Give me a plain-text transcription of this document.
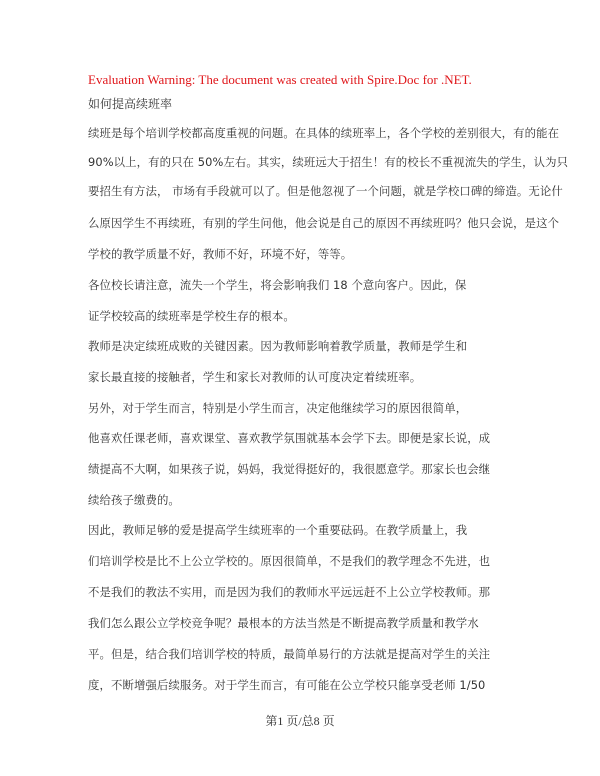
Evaluation Warning: The document was created with Spire.Doc for .NET.
如何提高续班率
续班是每个培训学校都高度重视的问题。在具体的续班率上，各个学校的差别很大，有的能在
90%以上，有的只在 50%左右。其实，续班远大于招生！有的校长不重视流失的学生，认为只
要招生有方法， 市场有手段就可以了。但是他忽视了一个问题，就是学校口碑的缔造。无论什
么原因学生不再续班，有别的学生问他，他会说是自己的原因不再续班吗？他只会说，是这个
学校的教学质量不好，教师不好，环境不好，等等。
各位校长请注意，流失一个学生，将会影响我们 18 个意向客户。因此，保
证学校较高的续班率是学校生存的根本。
教师是决定续班成败的关键因素。因为教师影响着教学质量，教师是学生和
家长最直接的接触者，学生和家长对教师的认可度决定着续班率。
另外，对于学生而言，特别是小学生而言，决定他继续学习的原因很简单，
他喜欢任课老师，喜欢课堂、喜欢教学氛围就基本会学下去。即便是家长说，成
绩提高不大啊，如果孩子说，妈妈，我觉得挺好的，我很愿意学。那家长也会继
续给孩子缴费的。
因此，教师足够的爱是提高学生续班率的一个重要砝码。在教学质量上，我
们培训学校是比不上公立学校的。原因很简单，不是我们的教学理念不先进，也
不是我们的教法不实用，而是因为我们的教师水平远远赶不上公立学校教师。那
我们怎么跟公立学校竞争呢？最根本的方法当然是不断提高教学质量和教学水
平。但是，结合我们培训学校的特质，最简单易行的方法就是提高对学生的关注
度，不断增强后续服务。对于学生而言，有可能在公立学校只能享受老师 1/50
第1 页/总8 页
